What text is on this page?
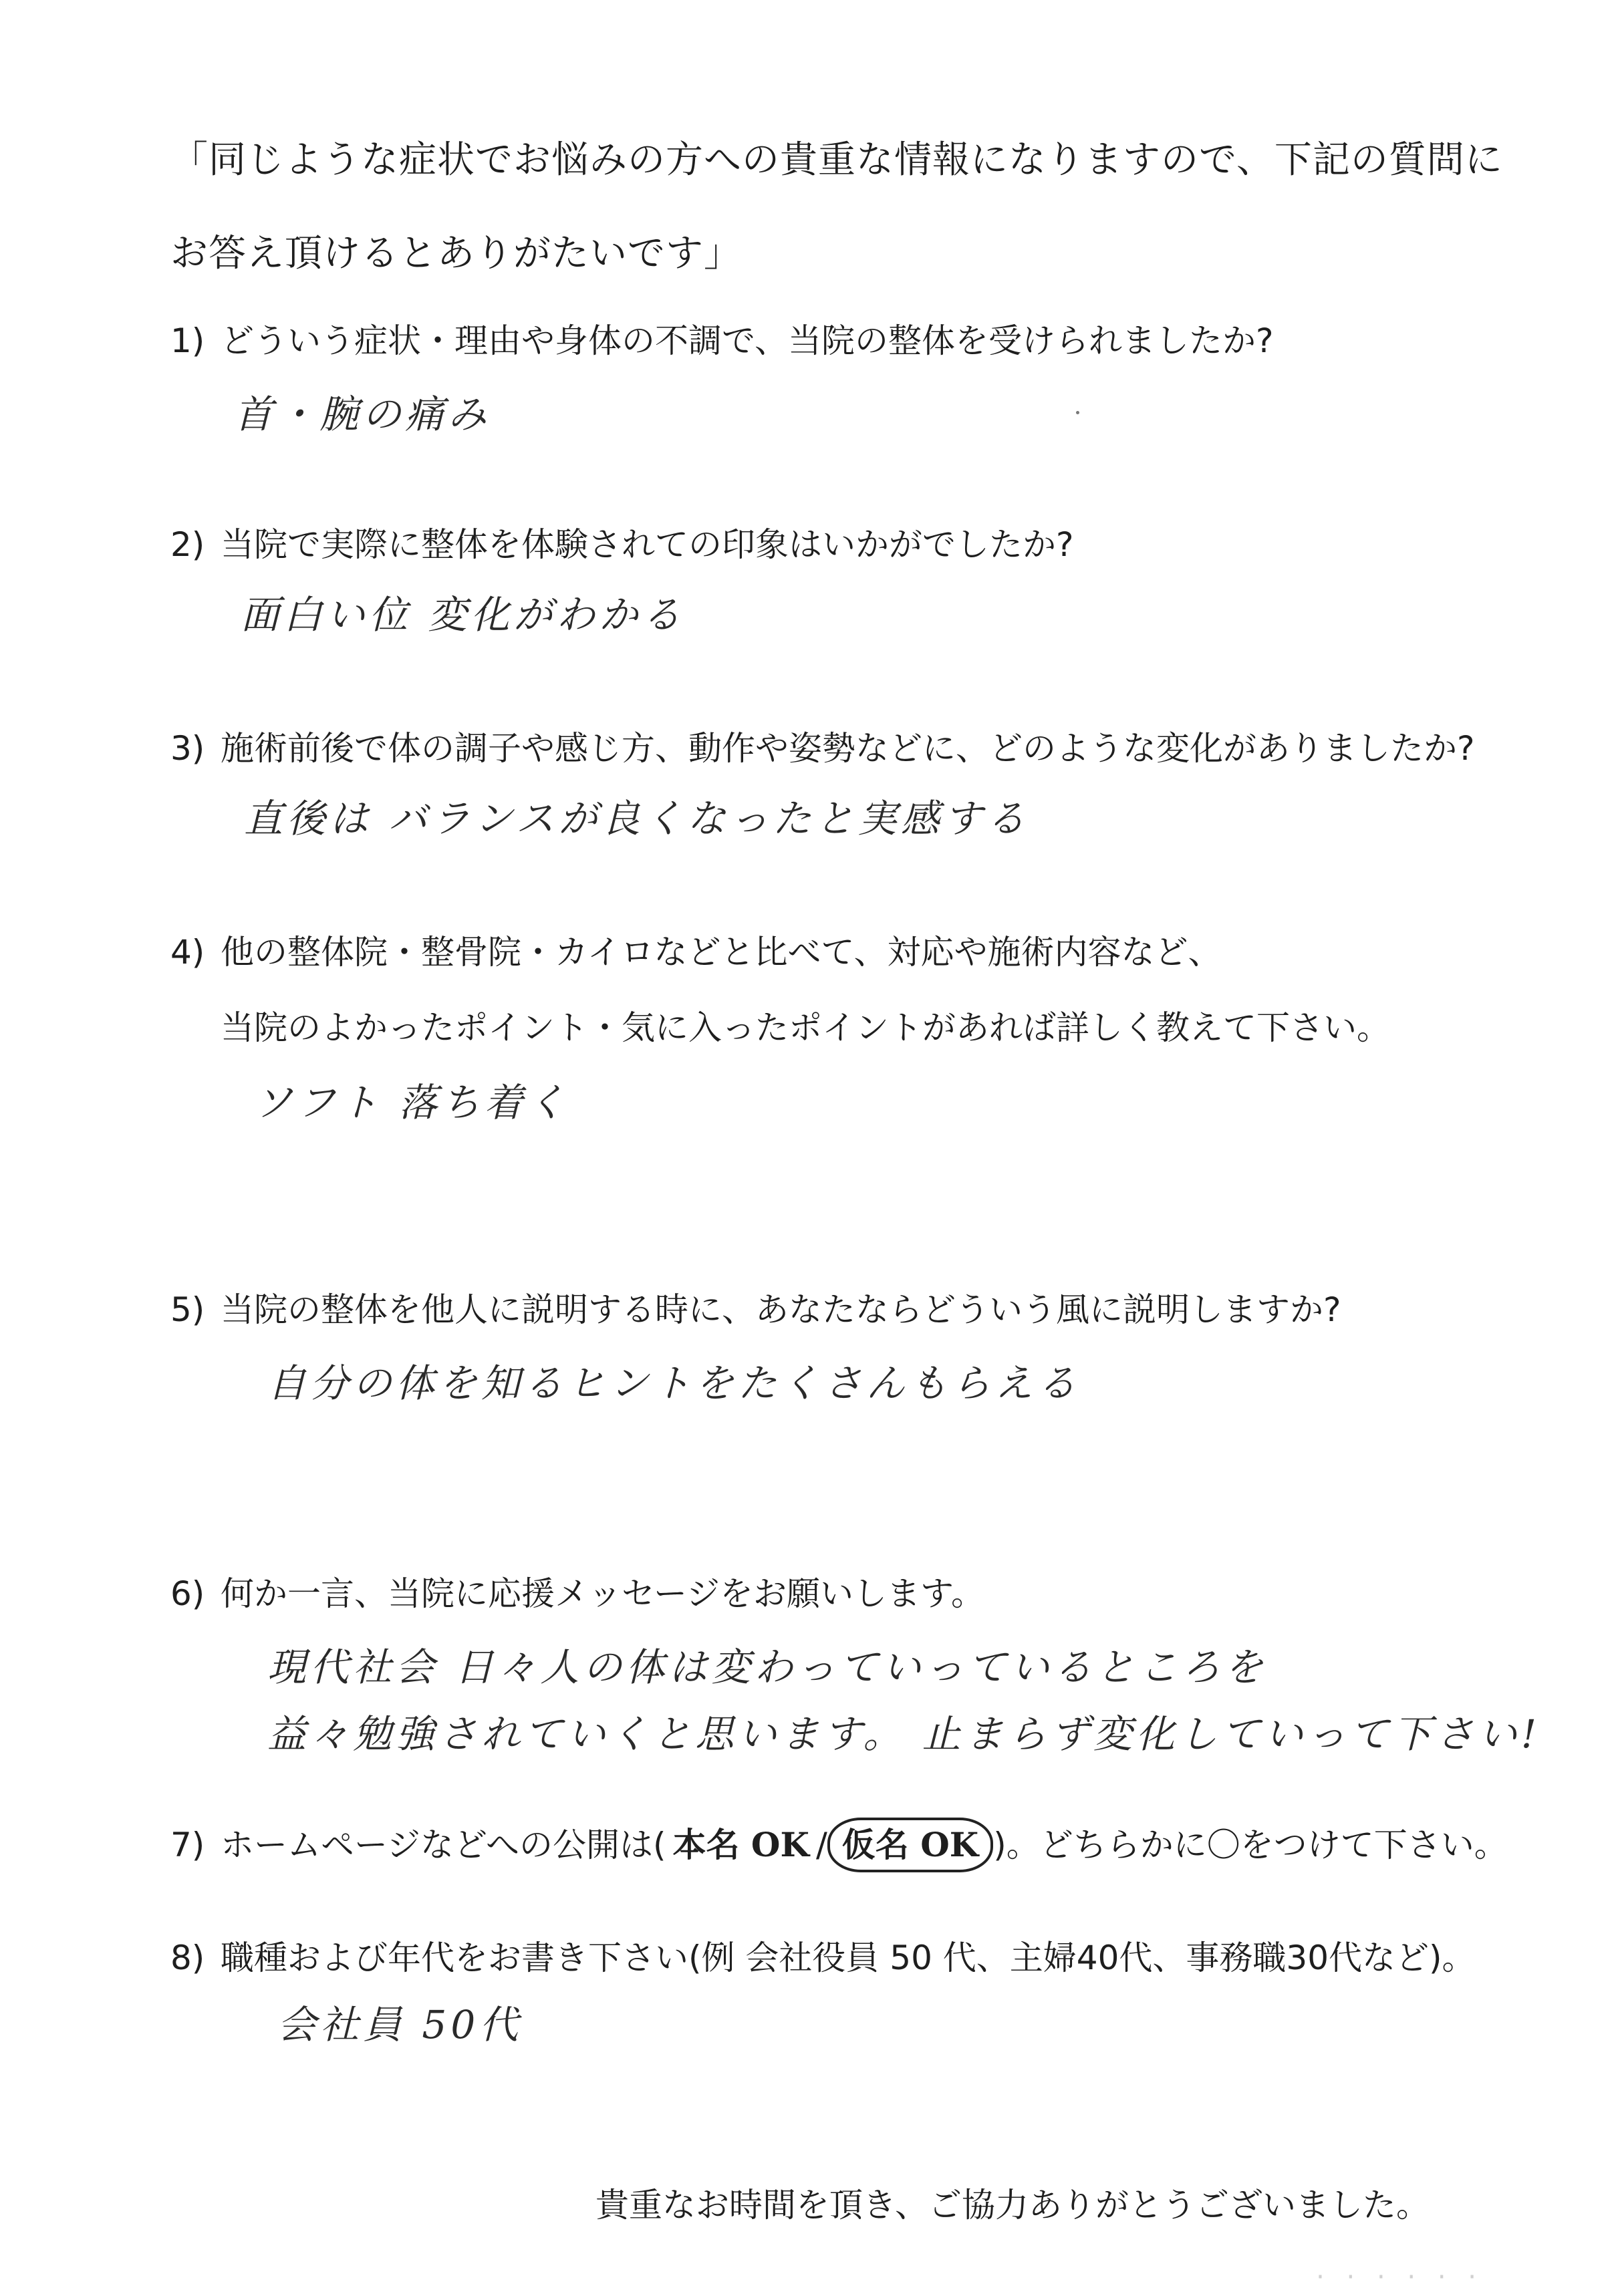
「同じような症状でお悩みの方への貴重な情報になりますので、下記の質問に
お答え頂けるとありがたいです」

1) どういう症状・理由や身体の不調で、当院の整体を受けられましたか?

首・腕の痛み

2) 当院で実際に整体を体験されての印象はいかがでしたか?

面白い位 変化がわかる

3) 施術前後で体の調子や感じ方、動作や姿勢などに、どのような変化がありましたか?

直後は バランスが良くなったと実感する

4) 他の整体院・整骨院・カイロなどと比べて、対応や施術内容など、

当院のよかったポイント・気に入ったポイントがあれば詳しく教えて下さい。
ソフト 落ち着く

5) 当院の整体を他人に説明する時に、あなたならどういう風に説明しますか?

自分の体を知るヒントをたくさんもらえる

6) 何か一言、当院に応援メッセージをお願いします。

現代社会 日々人の体は変わっていっているところを
益々勉強されていくと思います。 止まらず変化していって下さい!
7) ホームページなどへの公開は( 本名 OK / 仮名 OK )。どちらかに〇をつけて下さい。

8) 職種および年代をお書き下さい(例 会社役員 50 代、主婦40代、事務職30代など)。

会社員 50代
貴重なお時間を頂き、ご協力ありがとうございました。
· · · · · ·
